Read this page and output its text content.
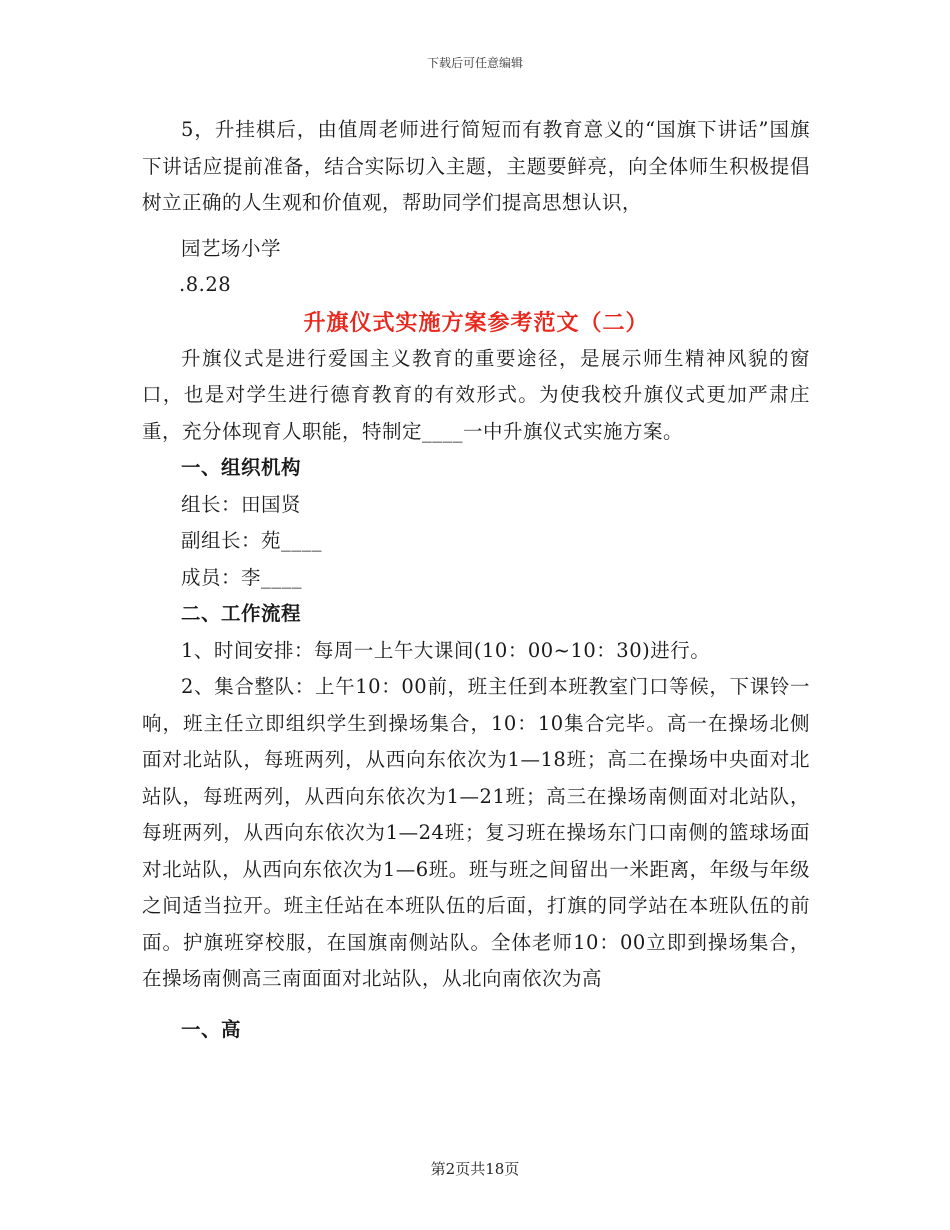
下载后可任意编辑

5，升挂棋后，由值周老师进行简短而有教育意义的“国旗下讲话”国旗下讲话应提前准备，结合实际切入主题，主题要鲜亮，向全体师生积极提倡树立正确的人生观和价值观，帮助同学们提高思想认识，

园艺场小学

.8.28

升旗仪式实施方案参考范文（二）

升旗仪式是进行爱国主义教育的重要途径，是展示师生精神风貌的窗口，也是对学生进行德育教育的有效形式。为使我校升旗仪式更加严肃庄重，充分体现育人职能，特制定____一中升旗仪式实施方案。

一、组织机构

组长：田国贤

副组长：苑____

成员：李____

二、工作流程

1、时间安排：每周一上午大课间(10：00~10：30)进行。

2、集合整队：上午10：00前，班主任到本班教室门口等候，下课铃一响，班主任立即组织学生到操场集合，10：10集合完毕。高一在操场北侧面对北站队，每班两列，从西向东依次为1—18班；高二在操场中央面对北站队，每班两列，从西向东依次为1—21班；高三在操场南侧面对北站队，每班两列，从西向东依次为1—24班；复习班在操场东门口南侧的篮球场面对北站队，从西向东依次为1—6班。班与班之间留出一米距离，年级与年级之间适当拉开。班主任站在本班队伍的后面，打旗的同学站在本班队伍的前面。护旗班穿校服，在国旗南侧站队。全体老师10：00立即到操场集合，在操场南侧高三南面面对北站队，从北向南依次为高

一、高

第2页共18页
